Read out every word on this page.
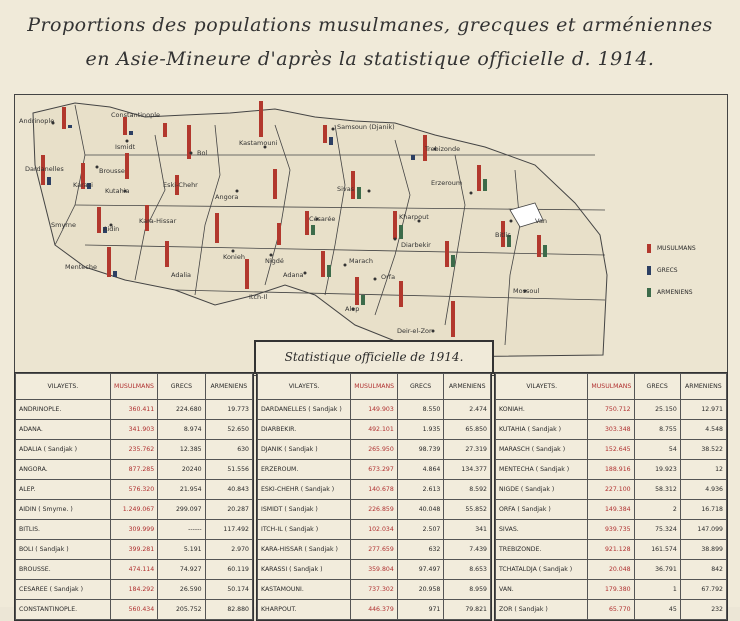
Proportions des populations musulmanes, grecques et arméniennes
en Asie-Mineure d'après la statistique officielle d. 1914.
Andrinople
Constantinople
Ismidt
Bol
Kastamouni
Samsoun (Djanik)
Trebizonde
Dardanelles	Brousse
Karasi
Kutahia
Eski-Chehr
Angora
Sivas
Erzeroum
Smyrne	Kara-Hissar	Césarée	Kharpout
Bitlis
Van
Diarbekir
Aidin
Konieh	Nigdé	Marach
Menteche
Adalia	Adana	Orfa
Itch-Il
Alep
Mossoul
Deir-el-Zor
MUSULMANS
GRECS
ARMENIENS
Statistique officielle de 1914.
VILAYETS.	MUSULMANS	GRECS	ARMENIENS
ANDRINOPLE.	360.411	224.680	19.773
ADANA.	341.903	8.974	52.650
ADALIA ( Sandjak )	235.762	12.385	630
ANGORA.	877.285	20240	51.556
ALEP.	576.320	21.954	40.843
AIDIN ( Smyrne. )	1.249.067	299.097	20.287
BITLIS.	309.999	------	117.492
BOLI ( Sandjak )	399.281	5.191	2.970
BROUSSE.	474.114	74.927	60.119
CESAREE ( Sandjak )	184.292	26.590	50.174
CONSTANTINOPLE.	560.434	205.752	82.880
VILAYETS.	MUSULMANS	GRECS	ARMENIENS
DARDANELLES ( Sandjak )	149.903	8.550	2.474
DIARBEKIR.	492.101	1.935	65.850
DJANIK ( Sandjak )	265.950	98.739	27.319
ERZEROUM.	673.297	4.864	134.377
ESKI-CHEHR ( Sandjak )	140.678	2.613	8.592
ISMIDT ( Sandjak )	226.859	40.048	55.852
ITCH-IL ( Sandjak )	102.034	2.507	341
KARA-HISSAR ( Sandjak )	277.659	632	7.439
KARASSI ( Sandjak )	359.804	97.497	8.653
KASTAMOUNI.	737.302	20.958	8.959
KHARPOUT.	446.379	971	79.821
VILAYETS.	MUSULMANS	GRECS	ARMENIENS
KONIAH.	750.712	25.150	12.971
KUTAHIA ( Sandjak )	303.348	8.755	4.548
MARASCH ( Sandjak )	152.645	54	38.522
MENTECHA ( Sandjak )	188.916	19.923	12
NIGDE ( Sandjak )	227.100	58.312	4.936
ORFA ( Sandjak )	149.384	2	16.718
SIVAS.	939.735	75.324	147.099
TREBIZONDE.	921.128	161.574	38.899
TCHATALDJA ( Sandjak )	20.048	36.791	842
VAN.	179.380	1	67.792
ZOR ( Sandjak )	65.770	45	232
